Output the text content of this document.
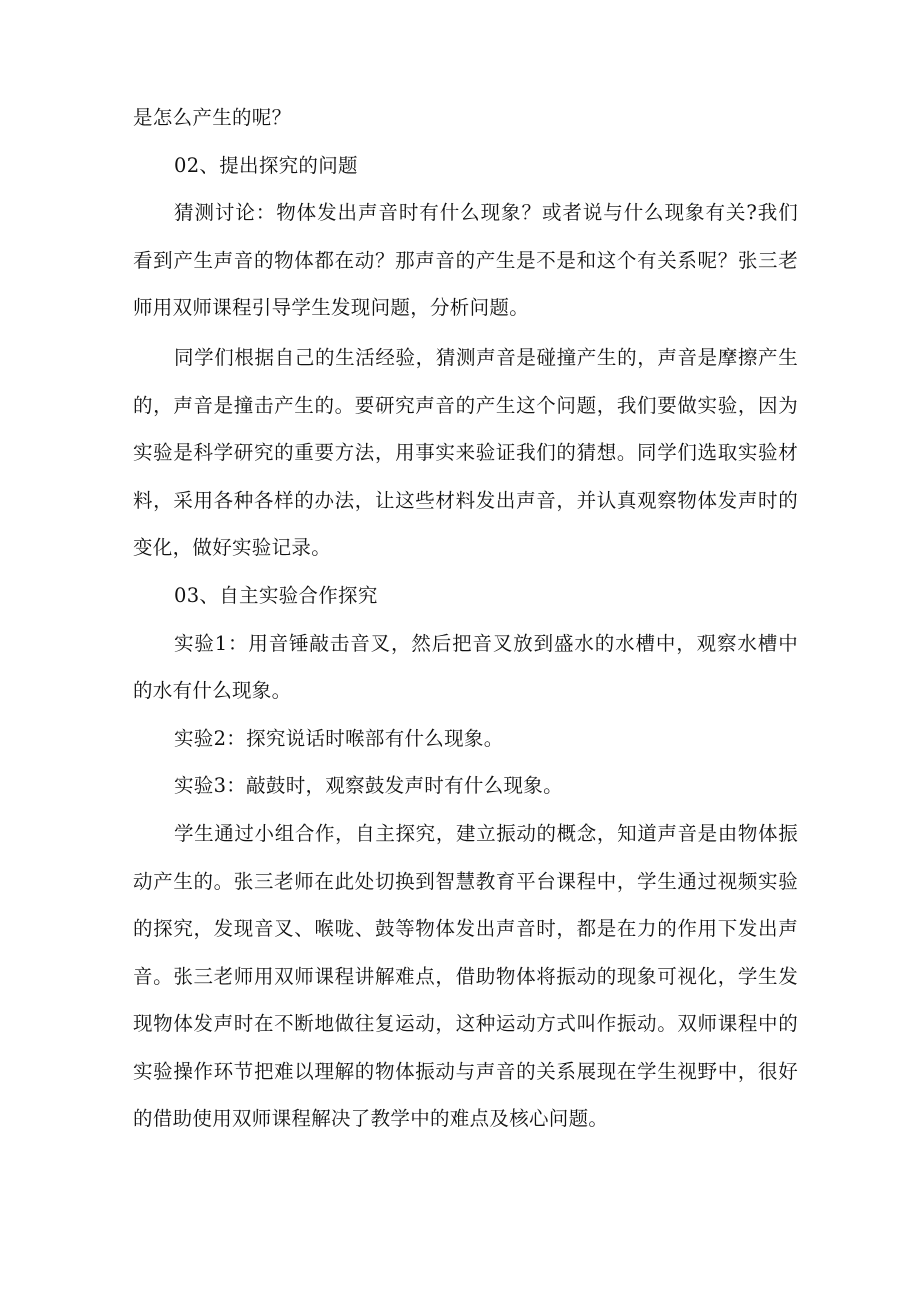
是怎么产生的呢？

02、提出探究的问题

猜测讨论：物体发出声音时有什么现象？或者说与什么现象有关?我们看到产生声音的物体都在动？那声音的产生是不是和这个有关系呢？张三老师用双师课程引导学生发现问题，分析问题。

同学们根据自己的生活经验，猜测声音是碰撞产生的，声音是摩擦产生的，声音是撞击产生的。要研究声音的产生这个问题，我们要做实验，因为实验是科学研究的重要方法，用事实来验证我们的猜想。同学们选取实验材料，采用各种各样的办法，让这些材料发出声音，并认真观察物体发声时的变化，做好实验记录。

03、自主实验合作探究

实验1：用音锤敲击音叉，然后把音叉放到盛水的水槽中，观察水槽中的水有什么现象。

实验2：探究说话时喉部有什么现象。

实验3：敲鼓时，观察鼓发声时有什么现象。

学生通过小组合作，自主探究，建立振动的概念，知道声音是由物体振动产生的。张三老师在此处切换到智慧教育平台课程中，学生通过视频实验的探究，发现音叉、喉咙、鼓等物体发出声音时，都是在力的作用下发出声音。张三老师用双师课程讲解难点，借助物体将振动的现象可视化，学生发现物体发声时在不断地做往复运动，这种运动方式叫作振动。双师课程中的实验操作环节把难以理解的物体振动与声音的关系展现在学生视野中，很好的借助使用双师课程解决了教学中的难点及核心问题。
